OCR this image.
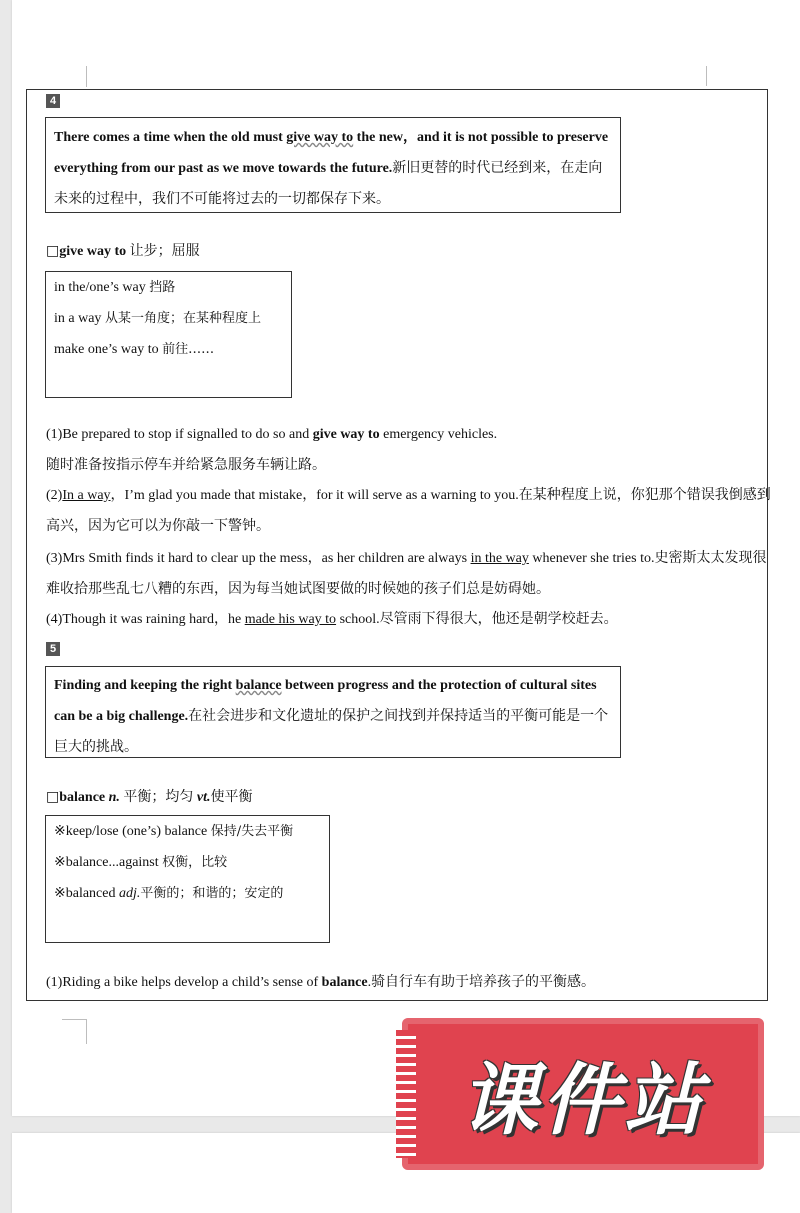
4
There comes a time when the old must give way to the new，and it is not possible to preserve everything from our past as we move towards the future.新旧更替的时代已经到来，在走向未来的过程中，我们不可能将过去的一切都保存下来。
□give way to 让步；屈服
in the/one’s way 挡路
in a way 从某一角度；在某种程度上
make one’s way to 前往……
(1)Be prepared to stop if signalled to do so and give way to emergency vehicles.
随时准备按指示停车并给紧急服务车辆让路。
(2)In a way，I’m glad you made that mistake，for it will serve as a warning to you.在某种程度上说，你犯那个错误我倒感到高兴，因为它可以为你敲一下警钟。
(3)Mrs Smith finds it hard to clear up the mess，as her children are always in the way whenever she tries to.史密斯太太发现很难收拾那些乱七八糟的东西，因为每当她试图要做的时候她的孩子们总是妨碍她。
(4)Though it was raining hard，he made his way to school.尽管雨下得很大，他还是朝学校赶去。
5
Finding and keeping the right balance between progress and the protection of cultural sites can be a big challenge.在社会进步和文化遗址的保护之间找到并保持适当的平衡可能是一个巨大的挑战。
□balance n. 平衡；均匀 vt.使平衡
※keep/lose (one’s) balance 保持/失去平衡
※balance...against 权衡，比较
※balanced adj.平衡的；和谐的；安定的
(1)Riding a bike helps develop a child’s sense of balance.骑自行车有助于培养孩子的平衡感。
课件站
